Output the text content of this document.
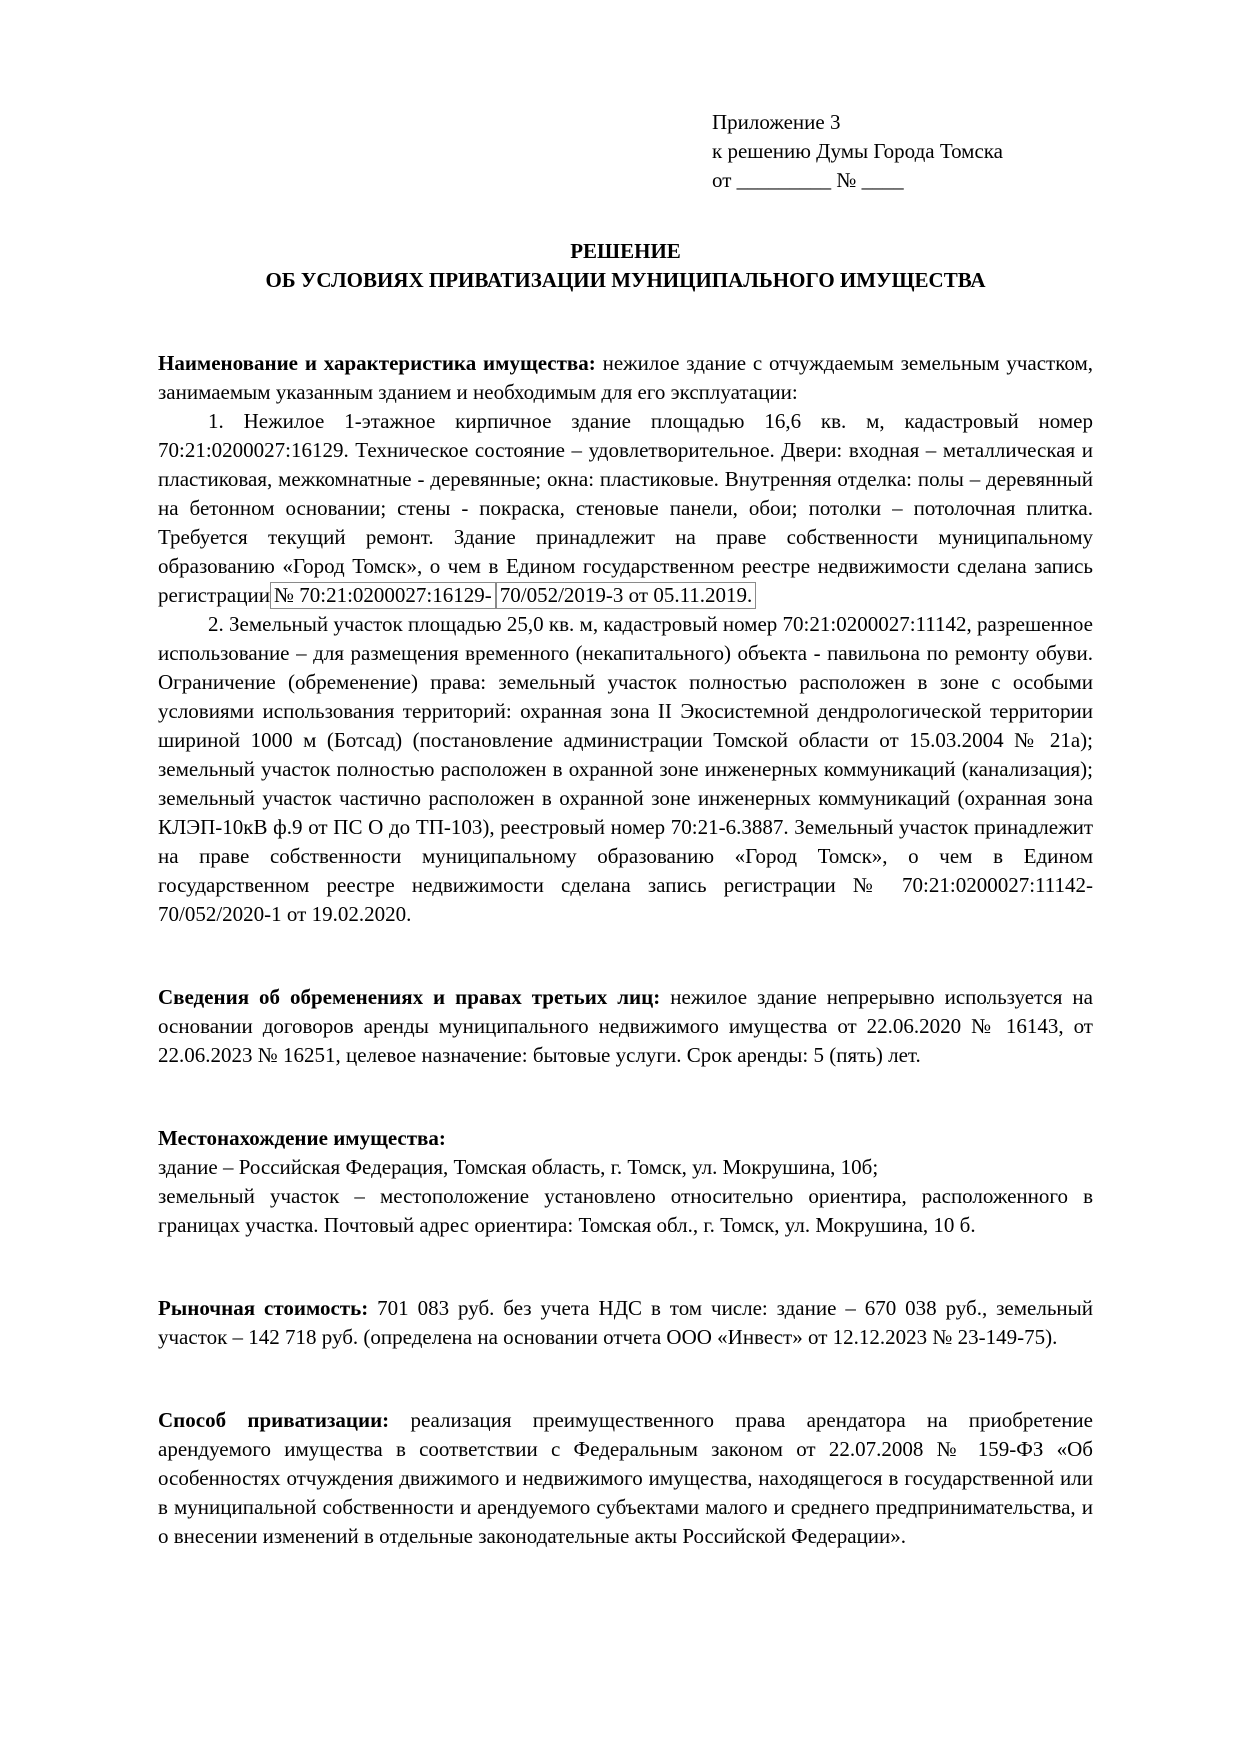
Приложение 3

к решению Думы Города Томска

от _________ № ____

РЕШЕНИЕ

ОБ УСЛОВИЯХ ПРИВАТИЗАЦИИ МУНИЦИПАЛЬНОГО ИМУЩЕСТВА

Наименование и характеристика имущества: нежилое здание с отчуждаемым земельным участком, занимаемым указанным зданием и необходимым для его эксплуатации:

1. Нежилое 1-этажное кирпичное здание площадью 16,6 кв. м, кадастровый номер 70:21:0200027:16129. Техническое состояние – удовлетворительное. Двери: входная – металлическая и пластиковая, межкомнатные - деревянные; окна: пластиковые. Внутренняя отделка: полы – деревянный на бетонном основании; стены - покраска, стеновые панели, обои; потолки – потолочная плитка. Требуется текущий ремонт. Здание принадлежит на праве собственности муниципальному образованию «Город Томск», о чем в Едином государственном реестре недвижимости сделана запись регистрации № 70:21:0200027:16129- 70/052/2019-3 от 05.11.2019.

2. Земельный участок площадью 25,0 кв. м, кадастровый номер 70:21:0200027:11142, разрешенное использование – для размещения временного (некапитального) объекта - павильона по ремонту обуви. Ограничение (обременение) права: земельный участок полностью расположен в зоне с особыми условиями использования территорий: охранная зона II Экосистемной дендрологической территории шириной 1000 м (Ботсад) (постановление администрации Томской области от 15.03.2004 № 21а); земельный участок полностью расположен в охранной зоне инженерных коммуникаций (канализация); земельный участок частично расположен в охранной зоне инженерных коммуникаций (охранная зона КЛЭП-10кВ ф.9 от ПС О до ТП-103), реестровый номер 70:21-6.3887. Земельный участок принадлежит на праве собственности муниципальному образованию «Город Томск», о чем в Едином государственном реестре недвижимости сделана запись регистрации № 70:21:0200027:11142-70/052/2020-1 от 19.02.2020.

Сведения об обременениях и правах третьих лиц: нежилое здание непрерывно используется на основании договоров аренды муниципального недвижимого имущества от 22.06.2020 № 16143, от 22.06.2023 № 16251, целевое назначение: бытовые услуги. Срок аренды: 5 (пять) лет.

Местонахождение имущества:

здание – Российская Федерация, Томская область, г. Томск, ул. Мокрушина, 10б;

земельный участок – местоположение установлено относительно ориентира, расположенного в границах участка. Почтовый адрес ориентира: Томская обл., г. Томск, ул. Мокрушина, 10 б.

Рыночная стоимость: 701 083 руб. без учета НДС в том числе: здание – 670 038 руб., земельный участок – 142 718 руб. (определена на основании отчета ООО «Инвест» от 12.12.2023 № 23-149-75).

Способ приватизации: реализация преимущественного права арендатора на приобретение арендуемого имущества в соответствии с Федеральным законом от 22.07.2008 № 159-ФЗ «Об особенностях отчуждения движимого и недвижимого имущества, находящегося в государственной или в муниципальной собственности и арендуемого субъектами малого и среднего предпринимательства, и о внесении изменений в отдельные законодательные акты Российской Федерации».
